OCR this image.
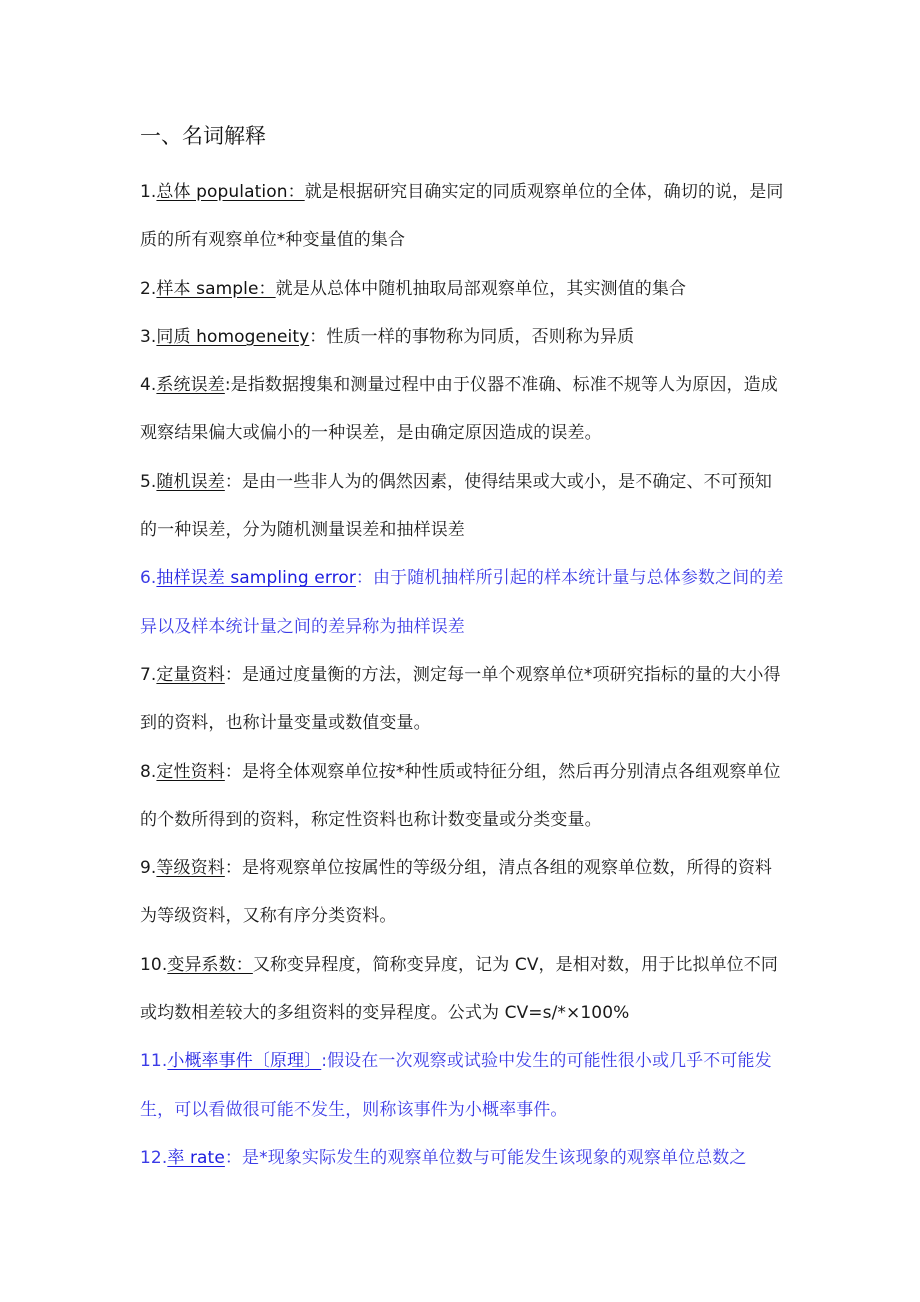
一、名词解释

1.总体 population：就是根据研究目确实定的同质观察单位的全体，确切的说，是同质的所有观察单位*种变量值的集合

2.样本 sample：就是从总体中随机抽取局部观察单位，其实测值的集合

3.同质 homogeneity：性质一样的事物称为同质，否则称为异质

4.系统误差:是指数据搜集和测量过程中由于仪器不准确、标准不规等人为原因，造成观察结果偏大或偏小的一种误差，是由确定原因造成的误差。

5.随机误差：是由一些非人为的偶然因素，使得结果或大或小，是不确定、不可预知的一种误差，分为随机测量误差和抽样误差

6.抽样误差 sampling error：由于随机抽样所引起的样本统计量与总体参数之间的差异以及样本统计量之间的差异称为抽样误差

7.定量资料：是通过度量衡的方法，测定每一单个观察单位*项研究指标的量的大小得到的资料，也称计量变量或数值变量。

8.定性资料：是将全体观察单位按*种性质或特征分组，然后再分别清点各组观察单位的个数所得到的资料，称定性资料也称计数变量或分类变量。

9.等级资料：是将观察单位按属性的等级分组，清点各组的观察单位数，所得的资料为等级资料，又称有序分类资料。

10.变异系数：又称变异程度，简称变异度，记为 CV，是相对数，用于比拟单位不同或均数相差较大的多组资料的变异程度。公式为 CV=s/*×100%

11.小概率事件〔原理〕:假设在一次观察或试验中发生的可能性很小或几乎不可能发生，可以看做很可能不发生，则称该事件为小概率事件。

12.率 rate：是*现象实际发生的观察单位数与可能发生该现象的观察单位总数之
